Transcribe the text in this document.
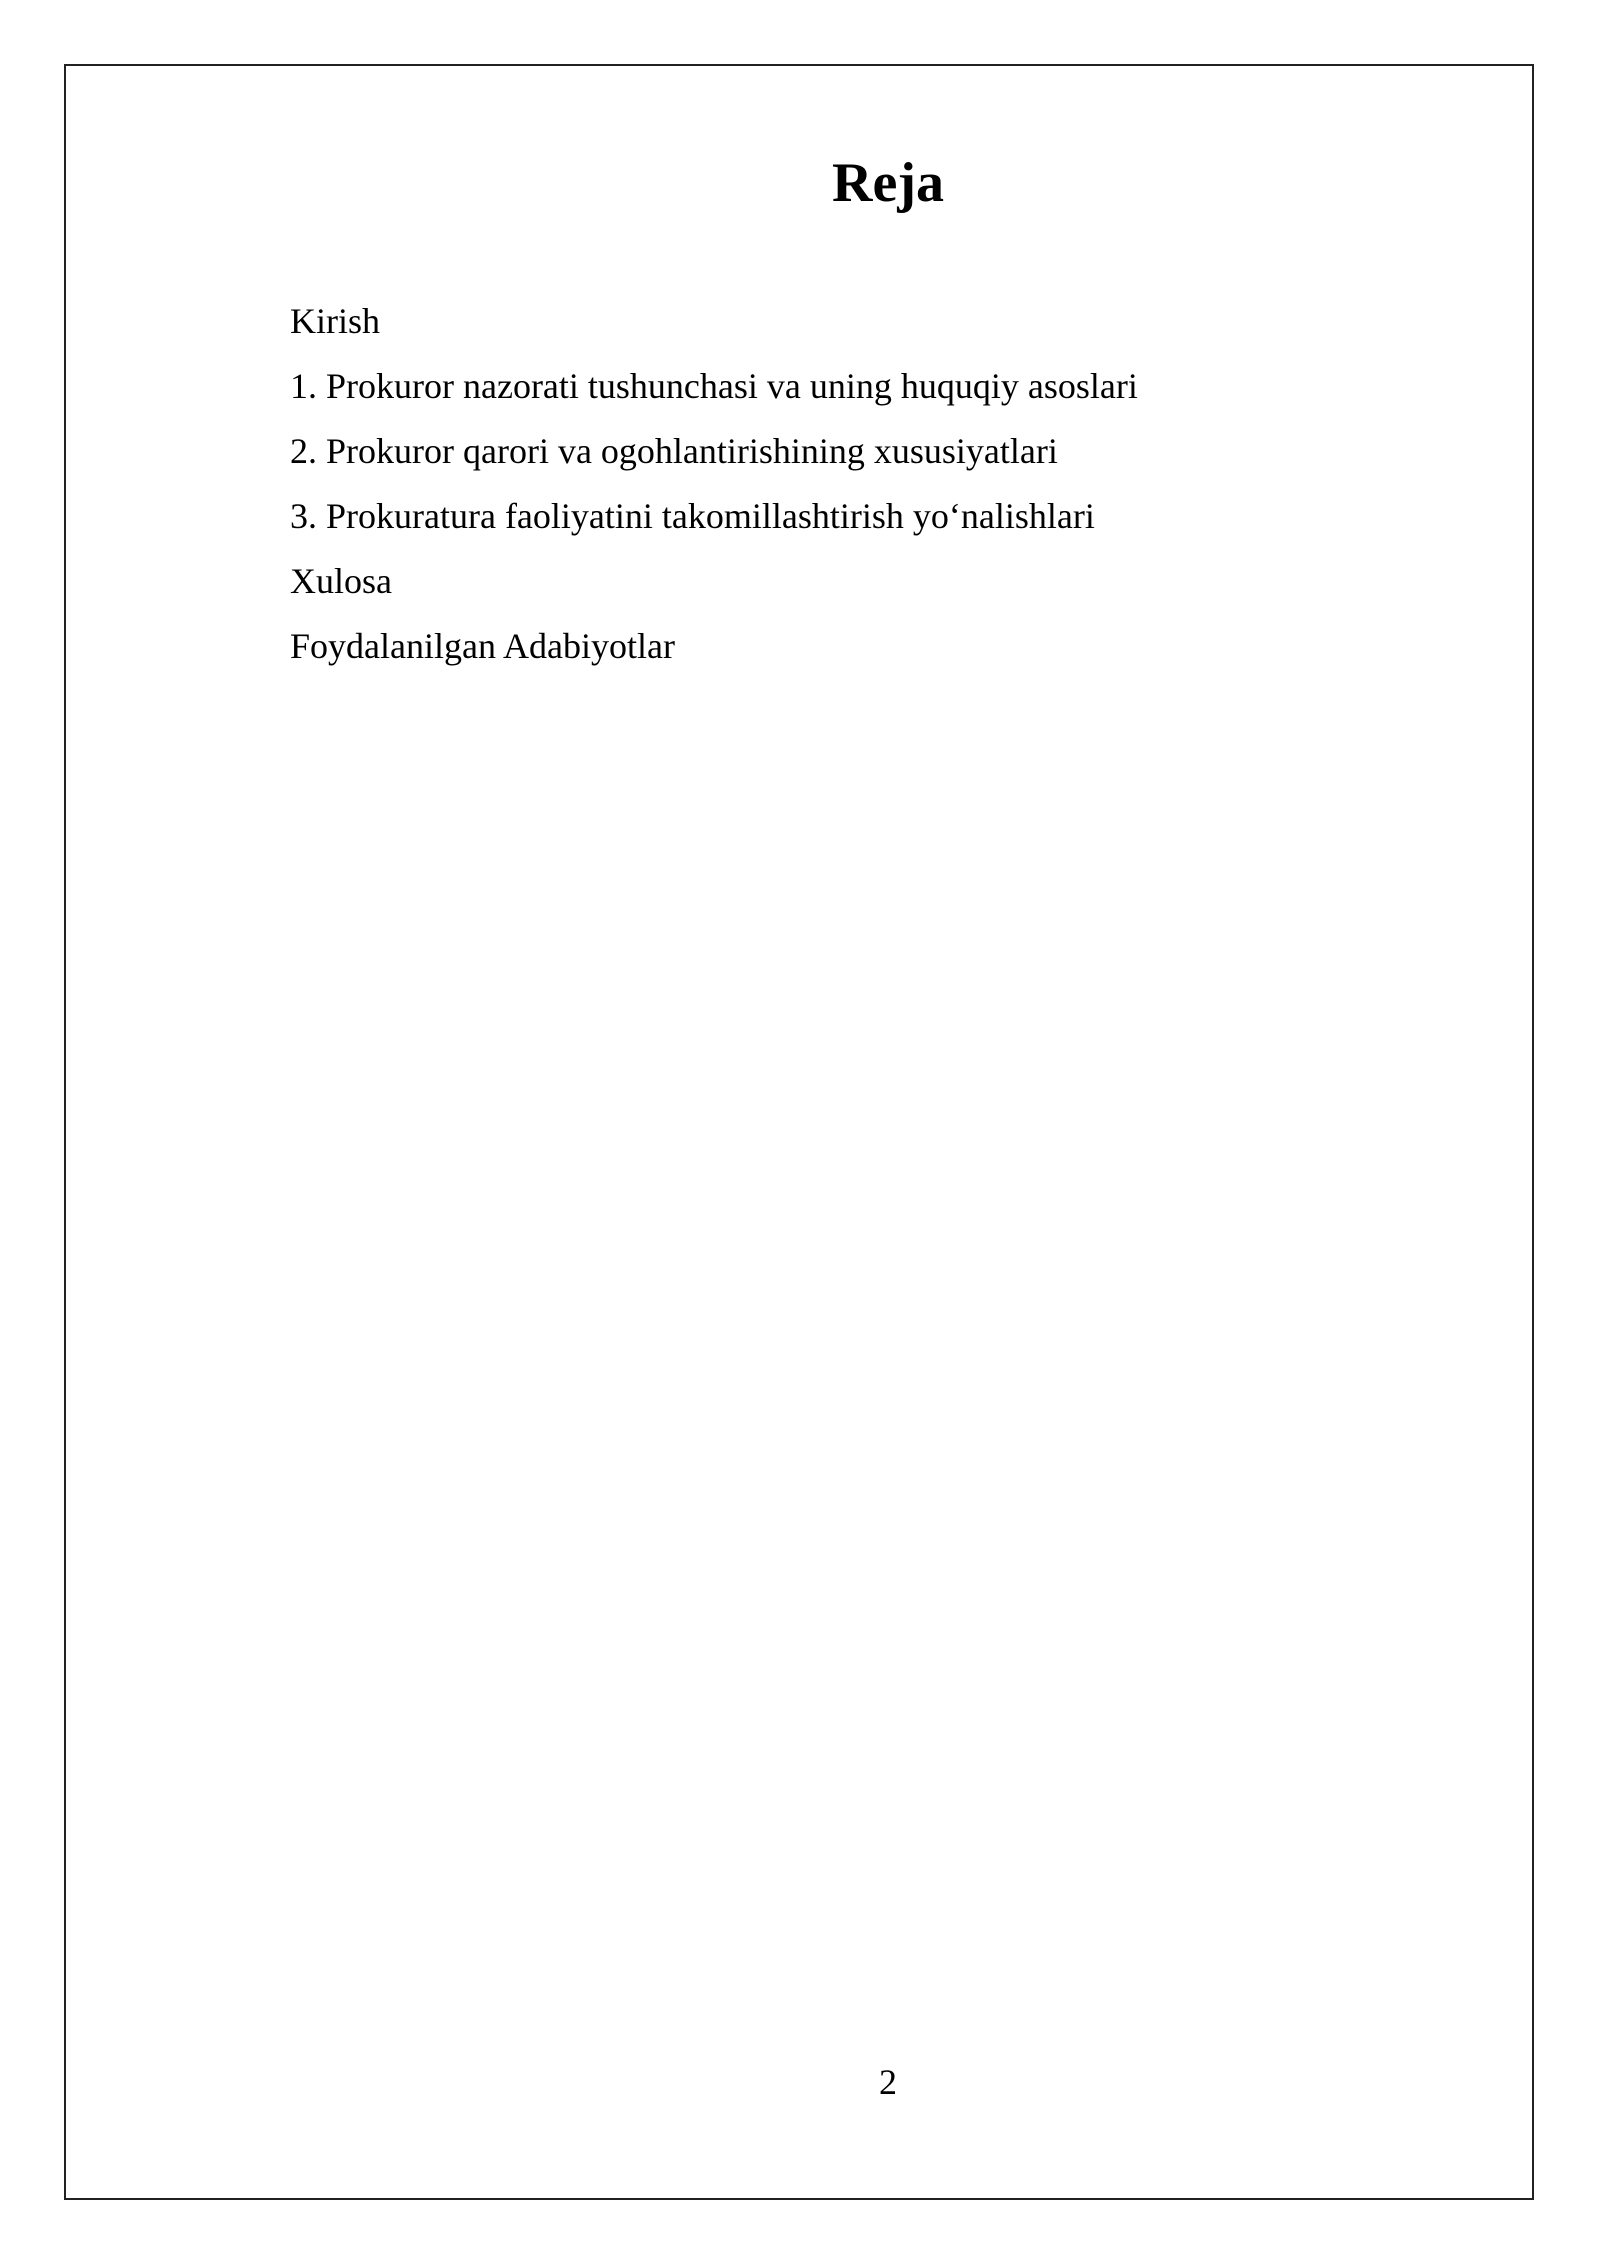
Reja
Kirish
1. Prokuror nazorati tushunchasi va uning huquqiy asoslari
2. Prokuror qarori va ogohlantirishining xususiyatlari
3. Prokuratura faoliyatini takomillashtirish yo‘nalishlari
Xulosa
Foydalanilgan Adabiyotlar
2
